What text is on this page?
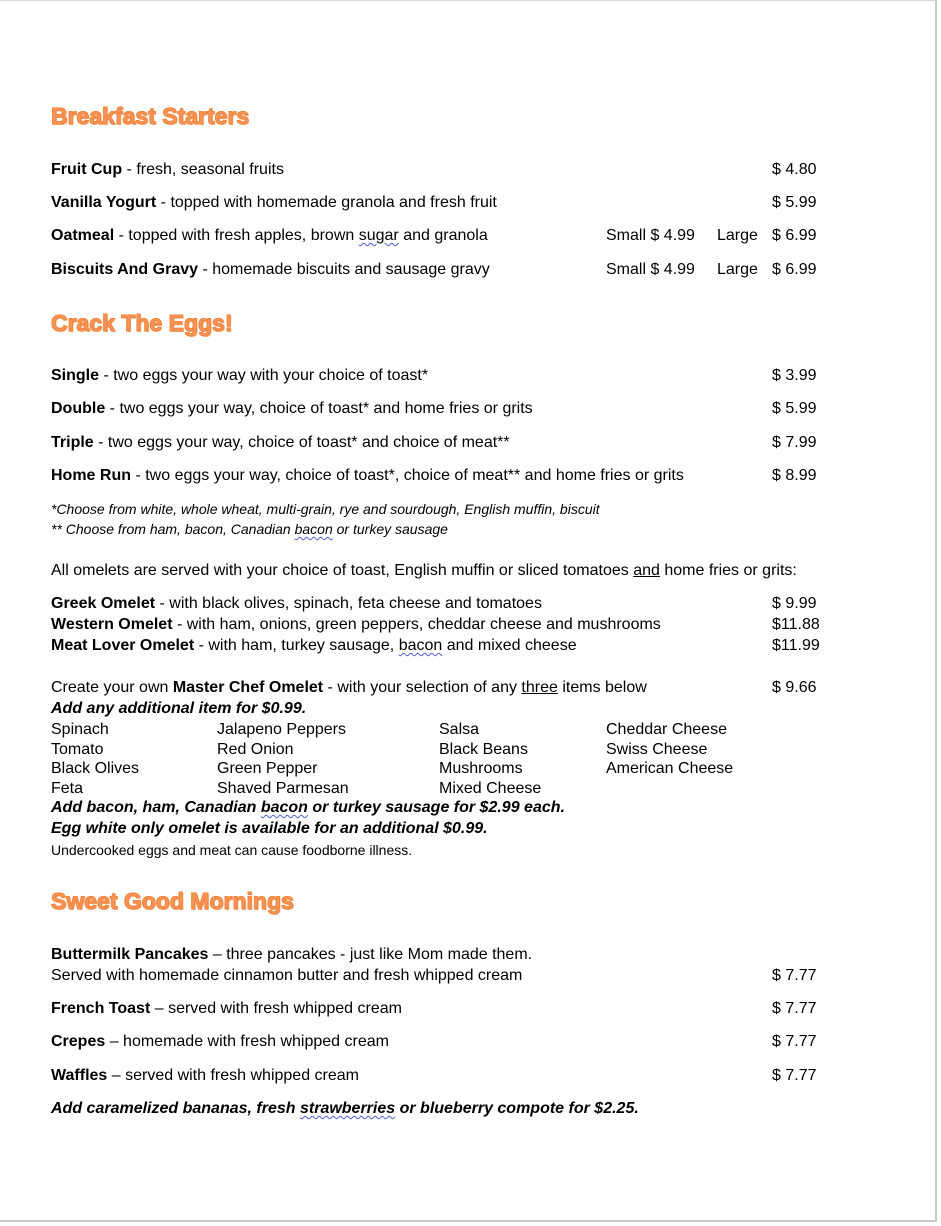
Breakfast Starters
Fruit Cup - fresh, seasonal fruits	$ 4.80
Vanilla Yogurt - topped with homemade granola and fresh fruit	$ 5.99
Oatmeal - topped with fresh apples, brown sugar and granola	Small $ 4.99 Large $ 6.99
Biscuits And Gravy - homemade biscuits and sausage gravy	Small $ 4.99 Large $ 6.99
Crack The Eggs!
Single - two eggs your way with your choice of toast*	$ 3.99
Double - two eggs your way, choice of toast* and home fries or grits	$ 5.99
Triple - two eggs your way, choice of toast* and choice of meat**	$ 7.99
Home Run - two eggs your way, choice of toast*, choice of meat** and home fries or grits	$ 8.99
*Choose from white, whole wheat, multi-grain, rye and sourdough, English muffin, biscuit
** Choose from ham, bacon, Canadian bacon or turkey sausage
All omelets are served with your choice of toast, English muffin or sliced tomatoes and home fries or grits:
Greek Omelet - with black olives, spinach, feta cheese and tomatoes	$ 9.99
Western Omelet - with ham, onions, green peppers, cheddar cheese and mushrooms	$11.88
Meat Lover Omelet - with ham, turkey sausage, bacon and mixed cheese	$11.99
Create your own Master Chef Omelet - with your selection of any three items below	$ 9.66
Add any additional item for $0.99.
Spinach	Jalapeno Peppers	Salsa	Cheddar Cheese
Tomato	Red Onion	Black Beans	Swiss Cheese
Black Olives	Green Pepper	Mushrooms	American Cheese
Feta	Shaved Parmesan	Mixed Cheese
Add bacon, ham, Canadian bacon or turkey sausage for $2.99 each.
Egg white only omelet is available for an additional $0.99.
Undercooked eggs and meat can cause foodborne illness.
Sweet Good Mornings
Buttermilk Pancakes – three pancakes - just like Mom made them.
Served with homemade cinnamon butter and fresh whipped cream	$ 7.77
French Toast – served with fresh whipped cream	$ 7.77
Crepes – homemade with fresh whipped cream	$ 7.77
Waffles – served with fresh whipped cream	$ 7.77
Add caramelized bananas, fresh strawberries or blueberry compote for $2.25.
